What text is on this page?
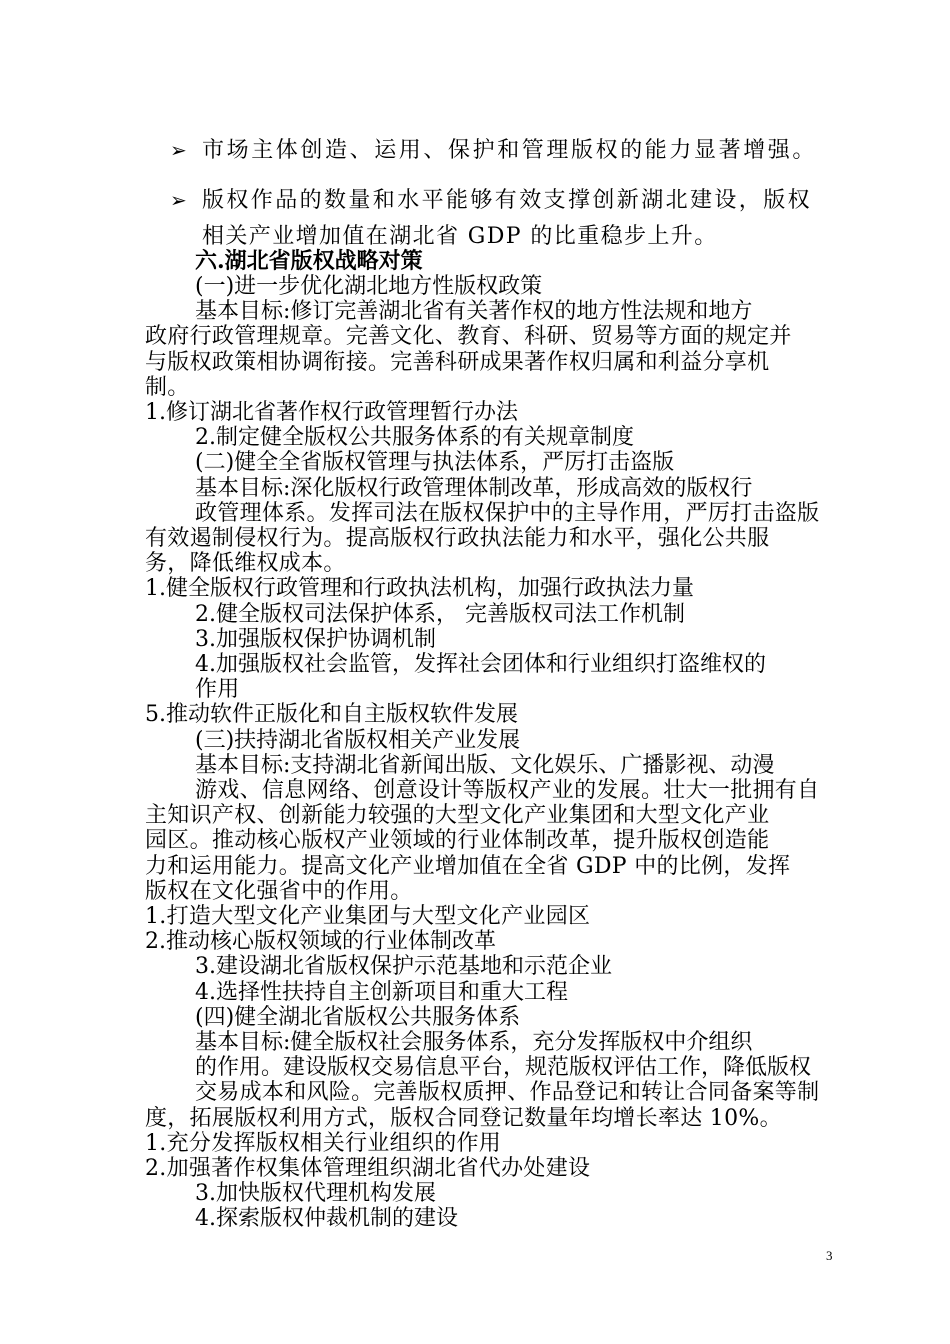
➢ 市场主体创造、运用、保护和管理版权的能力显著增强。
➢ 版权作品的数量和水平能够有效支撑创新湖北建设，版权
相关产业增加值在湖北省 GDP 的比重稳步上升。
六.湖北省版权战略对策
(一)进一步优化湖北地方性版权政策
基本目标:修订完善湖北省有关著作权的地方性法规和地方
政府行政管理规章。完善文化、教育、科研、贸易等方面的规定并
与版权政策相协调衔接。完善科研成果著作权归属和利益分享机
制。
1.修订湖北省著作权行政管理暂行办法
2.制定健全版权公共服务体系的有关规章制度
(二)健全全省版权管理与执法体系，严厉打击盗版
基本目标:深化版权行政管理体制改革，形成高效的版权行
政管理体系。发挥司法在版权保护中的主导作用，严厉打击盗版
有效遏制侵权行为。提高版权行政执法能力和水平，强化公共服
务，降低维权成本。
1.健全版权行政管理和行政执法机构，加强行政执法力量
2.健全版权司法保护体系， 完善版权司法工作机制
3.加强版权保护协调机制
4.加强版权社会监管，发挥社会团体和行业组织打盗维权的
作用
5.推动软件正版化和自主版权软件发展
(三)扶持湖北省版权相关产业发展
基本目标:支持湖北省新闻出版、文化娱乐、广播影视、动漫
游戏、信息网络、创意设计等版权产业的发展。壮大一批拥有自
主知识产权、创新能力较强的大型文化产业集团和大型文化产业
园区。推动核心版权产业领域的行业体制改革，提升版权创造能
力和运用能力。提高文化产业增加值在全省 GDP 中的比例，发挥
版权在文化强省中的作用。
1.打造大型文化产业集团与大型文化产业园区
2.推动核心版权领域的行业体制改革
3.建设湖北省版权保护示范基地和示范企业
4.选择性扶持自主创新项目和重大工程
(四)健全湖北省版权公共服务体系
基本目标:健全版权社会服务体系，充分发挥版权中介组织
的作用。建设版权交易信息平台，规范版权评估工作，降低版权
交易成本和风险。完善版权质押、作品登记和转让合同备案等制
度，拓展版权利用方式，版权合同登记数量年均增长率达 10%。
1.充分发挥版权相关行业组织的作用
2.加强著作权集体管理组织湖北省代办处建设
3.加快版权代理机构发展
4.探索版权仲裁机制的建设
3
